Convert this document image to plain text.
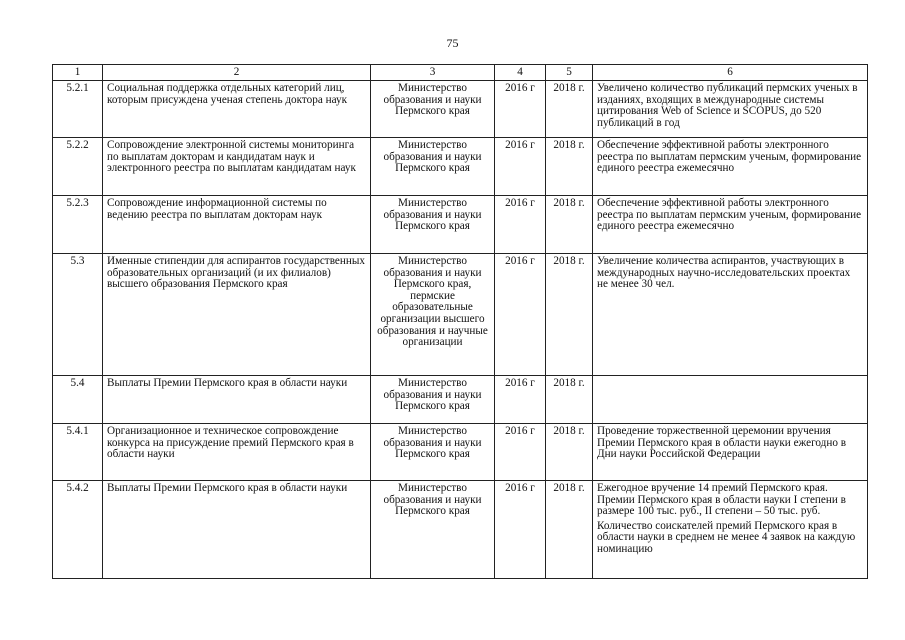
75
1	2	3	4	5	6
5.2.1	Социальная поддержка отдельных категорий лиц, которым присуждена ученая степень доктора наук	Министерство образования и науки Пермского края	2016 г	2018 г.	Увеличено количество публикаций пермских ученых в изданиях, входящих в международные системы цитирования Web of Science и SCOPUS, до 520 публикаций в год

5.2.2	Сопровождение электронной системы мониторинга по выплатам докторам и кандидатам наук и электронного реестра по выплатам кандидатам наук	Министерство образования и науки Пермского края	2016 г	2018 г.	Обеспечение эффективной работы электронного реестра по выплатам пермским ученым, формирование единого реестра ежемесячно

5.2.3	Сопровождение информационной системы по ведению реестра по выплатам докторам наук	Министерство образования и науки Пермского края	2016 г	2018 г.	Обеспечение эффективной работы электронного реестра по выплатам пермским ученым, формирование единого реестра ежемесячно

5.3	Именные стипендии для аспирантов государственных образовательных организаций (и их филиалов) высшего образования Пермского края	Министерство образования и науки Пермского края, пермские образовательные организации высшего образования и научные организации	2016 г	2018 г.	Увеличение количества аспирантов, участвующих в международных научно-исследовательских проектах не менее 30 чел.

5.4	Выплаты Премии Пермского края в области науки	Министерство образования и науки Пермского края	2016 г	2018 г.	
5.4.1	Организационное и техническое сопровождение конкурса на присуждение премий Пермского края в области науки	Министерство образования и науки Пермского края	2016 г	2018 г.	Проведение торжественной церемонии вручения Премии Пермского края в области науки ежегодно в Дни науки Российской Федерации

5.4.2	Выплаты Премии Пермского края в области науки	Министерство образования и науки Пермского края	2016 г	2018 г.	Ежегодное вручение 14 премий Пермского края. Премии Пермского края в области науки I степени в размере 100 тыс. руб., II степени – 50 тыс. руб.

Количество соискателей премий Пермского края в области науки в среднем не менее 4 заявок на каждую номинацию
